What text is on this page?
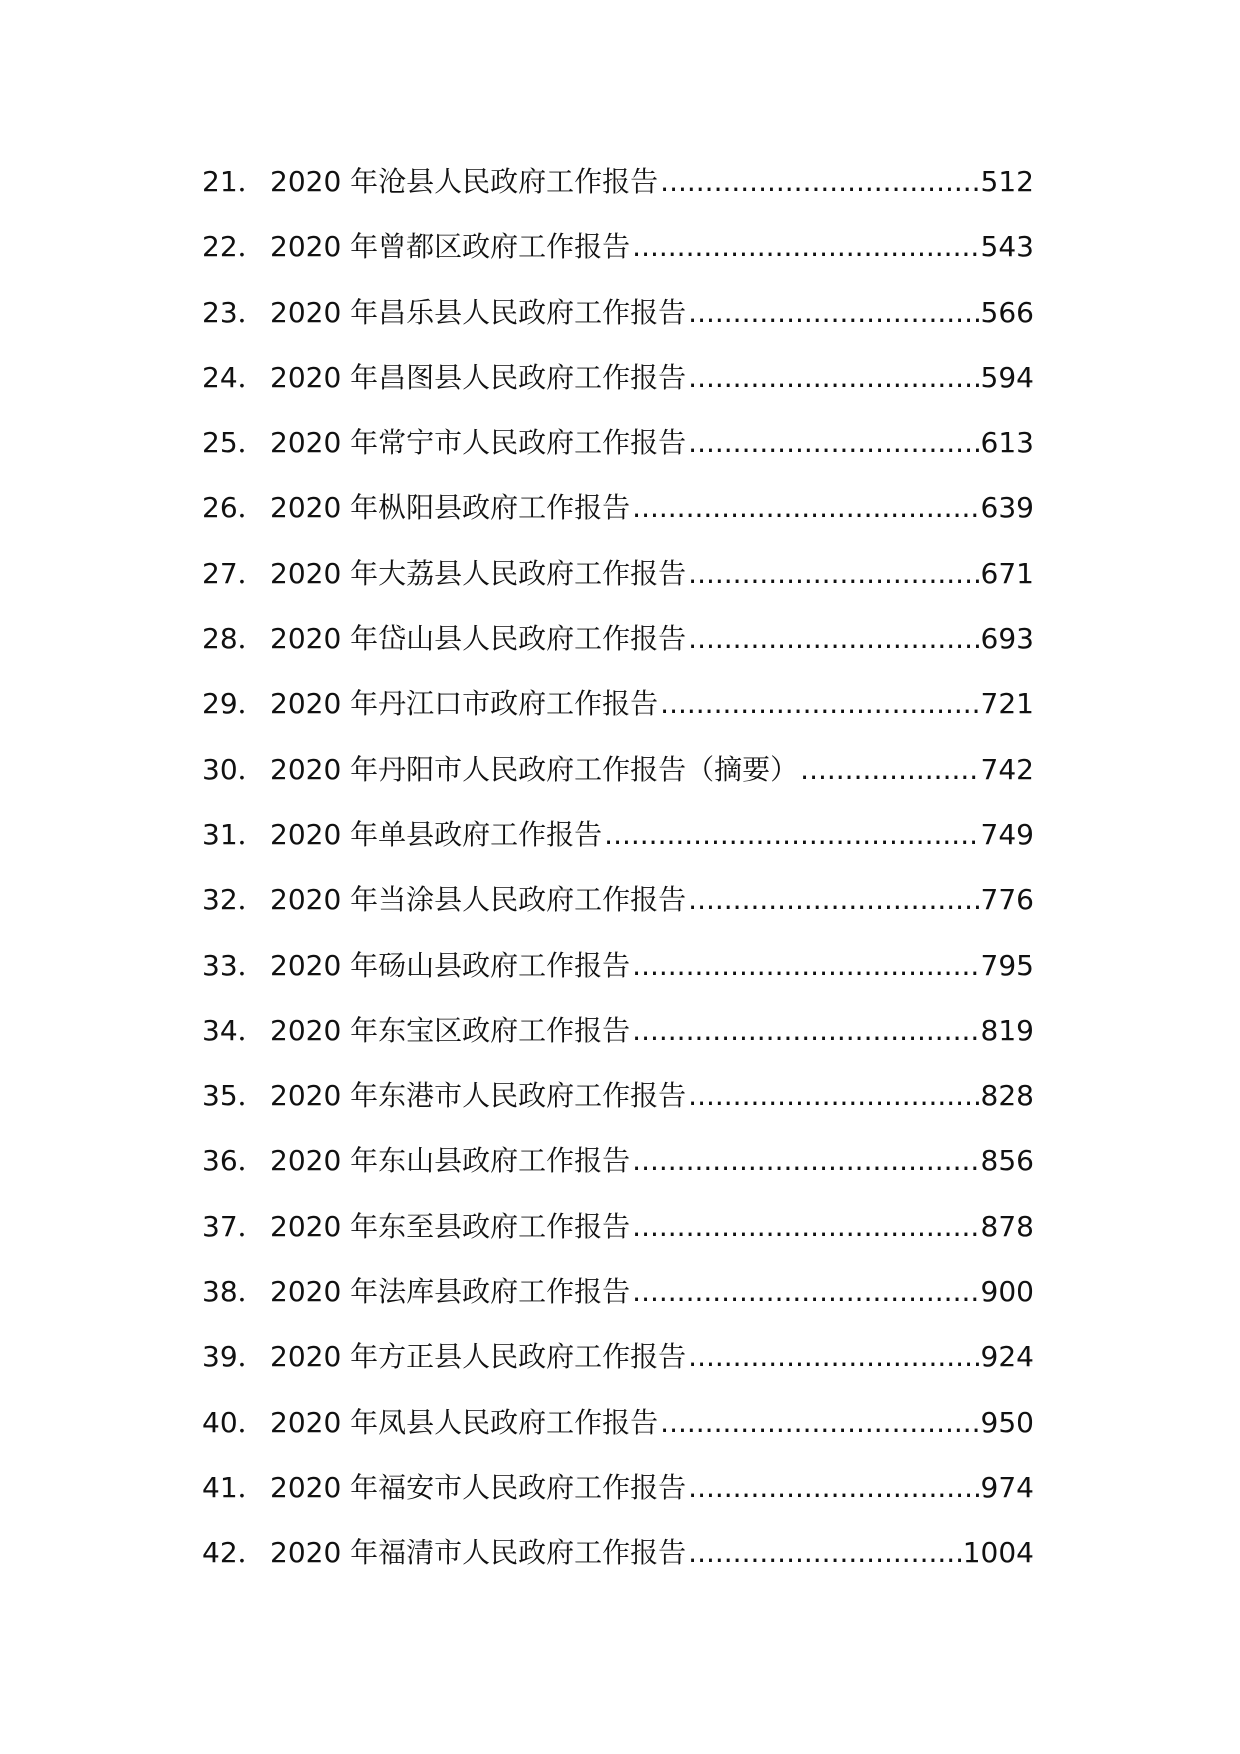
21． 2020 年沧县人民政府工作报告 .....	512
22． 2020 年曾都区政府工作报告 .....	543
23． 2020 年昌乐县人民政府工作报告 .....	566
24． 2020 年昌图县人民政府工作报告 .....	594
25． 2020 年常宁市人民政府工作报告 .....	613
26． 2020 年枞阳县政府工作报告 .....	639
27． 2020 年大荔县人民政府工作报告 .....	671
28． 2020 年岱山县人民政府工作报告 .....	693
29． 2020 年丹江口市政府工作报告 .....	721
30． 2020 年丹阳市人民政府工作报告（摘要） .....	742
31． 2020 年单县政府工作报告 .....	749
32． 2020 年当涂县人民政府工作报告 .....	776
33． 2020 年砀山县政府工作报告 .....	795
34． 2020 年东宝区政府工作报告 .....	819
35． 2020 年东港市人民政府工作报告 .....	828
36． 2020 年东山县政府工作报告 .....	856
37． 2020 年东至县政府工作报告 .....	878
38． 2020 年法库县政府工作报告 .....	900
39． 2020 年方正县人民政府工作报告 .....	924
40． 2020 年凤县人民政府工作报告 .....	950
41． 2020 年福安市人民政府工作报告 .....	974
42． 2020 年福清市人民政府工作报告 .....	1004
